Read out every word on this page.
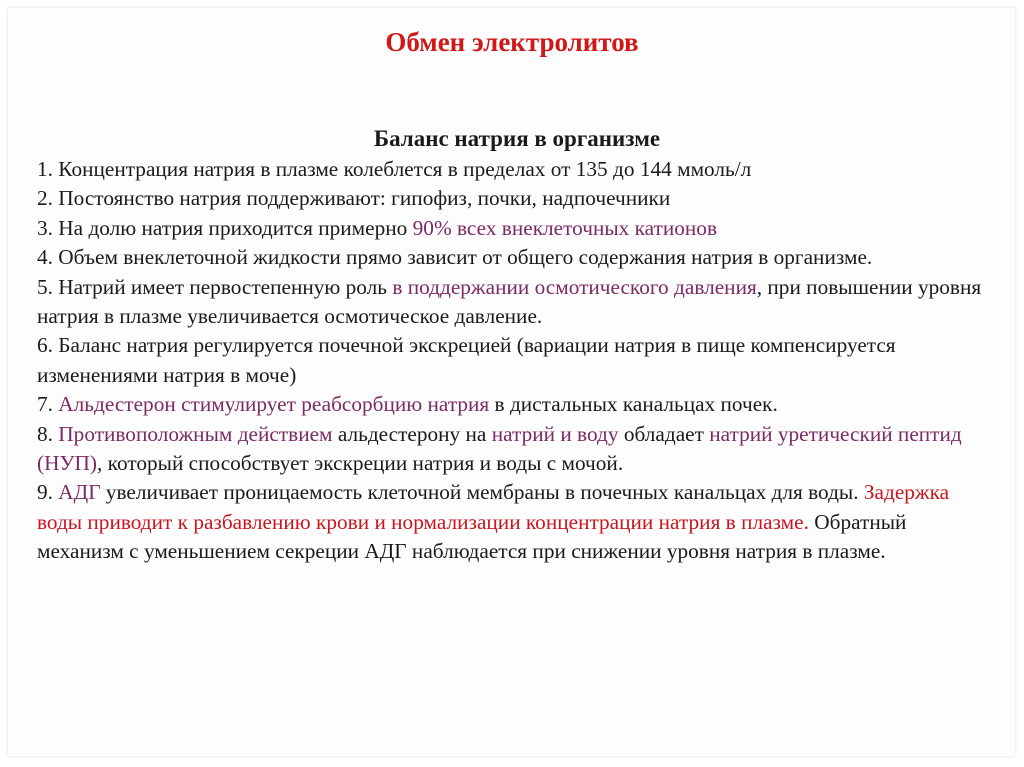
Обмен электролитов

Баланс натрия в организме

1. Концентрация натрия в плазме колеблется в пределах от 135 до 144 ммоль/л

2. Постоянство натрия поддерживают: гипофиз, почки, надпочечники

3. На долю натрия приходится примерно 90% всех внеклеточных катионов

4. Объем внеклеточной жидкости прямо зависит от общего содержания натрия в организме.

5. Натрий имеет первостепенную роль в поддержании осмотического давления, при повышении уровня натрия в плазме увеличивается осмотическое давление.

6. Баланс натрия регулируется почечной экскрецией (вариации натрия в пище компенсируется изменениями натрия в моче)

7. Альдестерон стимулирует реабсорбцию натрия в дистальных канальцах почек.

8. Противоположным действием альдестерону на натрий и воду обладает натрий уретический пептид (НУП), который способствует экскреции натрия и воды с мочой.

9. АДГ увеличивает проницаемость клеточной мембраны в почечных канальцах для воды. Задержка воды приводит к разбавлению крови и нормализации концентрации натрия в плазме. Обратный механизм с уменьшением секреции АДГ наблюдается при снижении уровня натрия в плазме.
